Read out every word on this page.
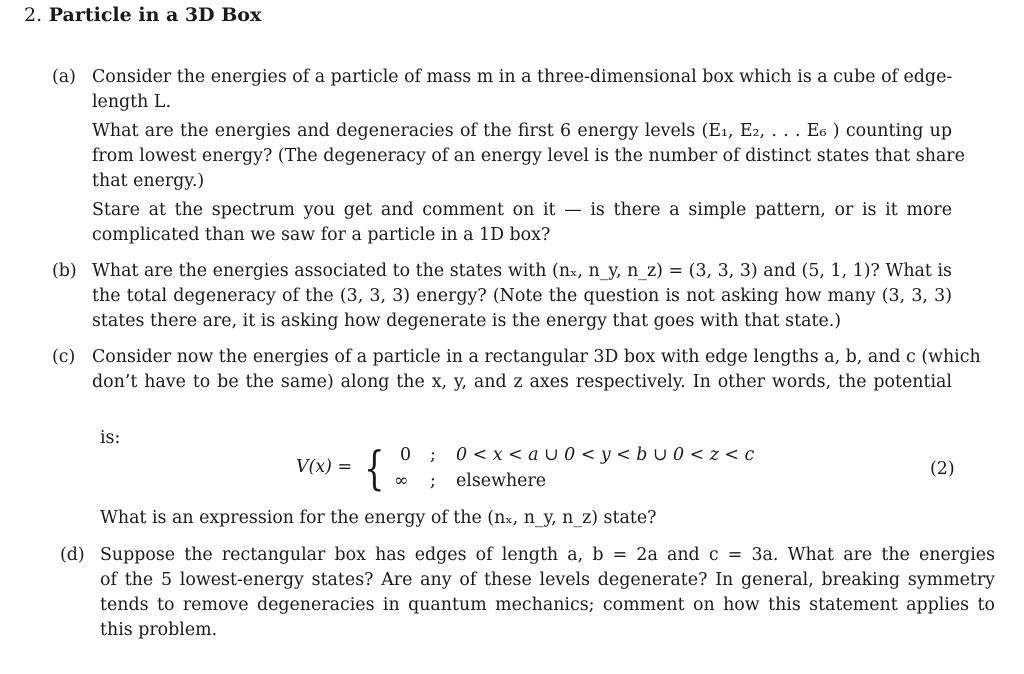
2. Particle in a 3D Box
(a) Consider the energies of a particle of mass m in a three-dimensional box which is a cube of edge-
length L.
What are the energies and degeneracies of the first 6 energy levels (E₁, E₂, . . . E₆ ) counting up
from lowest energy? (The degeneracy of an energy level is the number of distinct states that share
that energy.)
Stare at the spectrum you get and comment on it — is there a simple pattern, or is it more
complicated than we saw for a particle in a 1D box?
(b) What are the energies associated to the states with (nₓ, n_y, n_z) = (3, 3, 3) and (5, 1, 1)? What is
the total degeneracy of the (3, 3, 3) energy? (Note the question is not asking how many (3, 3, 3)
states there are, it is asking how degenerate is the energy that goes with that state.)
(c) Consider now the energies of a particle in a rectangular 3D box with edge lengths a, b, and c (which
don’t have to be the same) along the x, y, and z axes respectively. In other words, the potential
is:
V(x) = { 0 ; 0 < x < a ∪ 0 < y < b ∪ 0 < z < c
∞ ; elsewhere
(2)
What is an expression for the energy of the (nₓ, n_y, n_z) state?
(d) Suppose the rectangular box has edges of length a, b = 2a and c = 3a. What are the energies
of the 5 lowest-energy states? Are any of these levels degenerate? In general, breaking symmetry
tends to remove degeneracies in quantum mechanics; comment on how this statement applies to
this problem.
